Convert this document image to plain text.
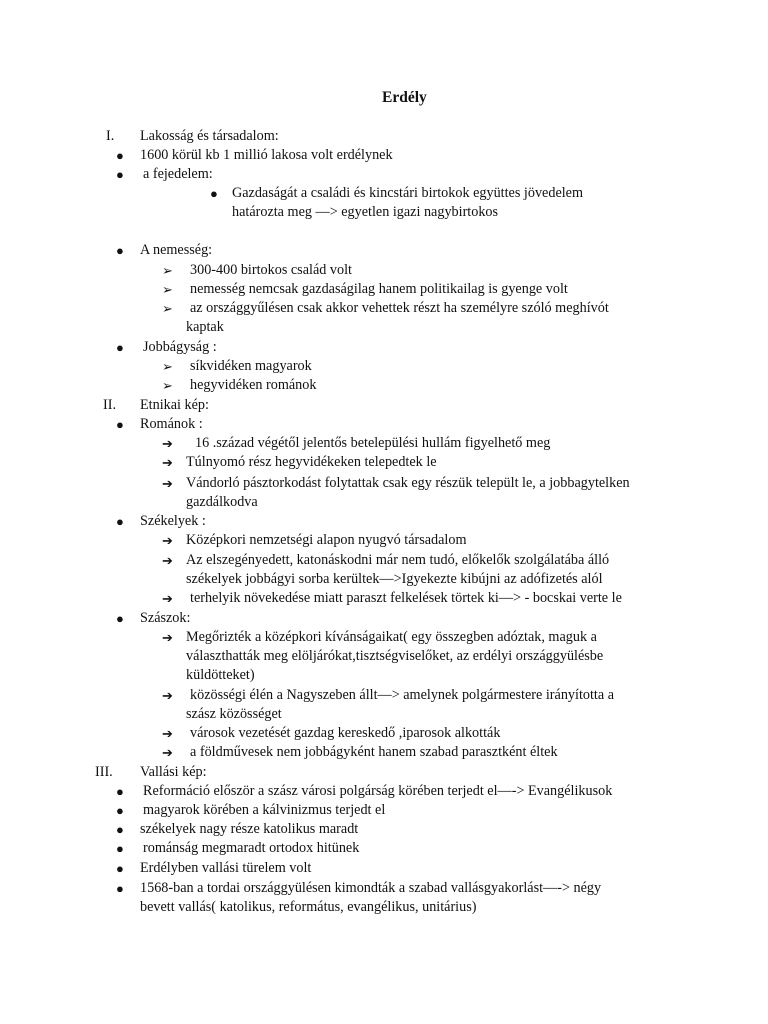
Erdély
I. Lakosság és társadalom:
● 1600 körül kb 1 millió lakosa volt erdélynek
● a fejedelem:
● Gazdaságát a családi és kincstári birtokok együttes jövedelem
határozta meg —> egyetlen igazi nagybirtokos
● A nemesség:
➢ 300-400 birtokos család volt
➢ nemesség nemcsak gazdaságilag hanem politikailag is gyenge volt
➢ az országgyűlésen csak akkor vehettek részt ha személyre szóló meghívót
kaptak
● Jobbágyság :
➢ síkvidéken magyarok
➢ hegyvidéken románok
II. Etnikai kép:
● Románok :
➔ 16 .század végétől jelentős betelepülési hullám figyelhető meg
➔ Túlnyomó rész hegyvidékeken telepedtek le
➔ Vándorló pásztorkodást folytattak csak egy részük települt le, a jobbagytelken
gazdálkodva
● Székelyek :
➔ Középkori nemzetségi alapon nyugvó társadalom
➔ Az elszegényedett, katonáskodni már nem tudó, előkelők szolgálatába álló
székelyek jobbágyi sorba kerültek—>Igyekezte kibújni az adófizetés alól
➔ terhelyik növekedése miatt paraszt felkelések törtek ki—> - bocskai verte le
● Szászok:
➔ Megőrizték a középkori kívánságaikat( egy összegben adóztak, maguk a
választhatták meg elöljárókat,tisztségviselőket, az erdélyi országgyülésbe
küldötteket)
➔ közösségi élén a Nagyszeben állt—> amelynek polgármestere irányította a
szász közösséget
➔ városok vezetését gazdag kereskedő ,iparosok alkották
➔ a földművesek nem jobbágyként hanem szabad parasztként éltek
III. Vallási kép:
● Reformáció először a szász városi polgárság körében terjedt el—-> Evangélikusok
● magyarok körében a kálvinizmus terjedt el
● székelyek nagy része katolikus maradt
● románság megmaradt ortodox hitünek
● Erdélyben vallási türelem volt
● 1568-ban a tordai országgyülésen kimondták a szabad vallásgyakorlást—-> négy
bevett vallás( katolikus, református, evangélikus, unitárius)
